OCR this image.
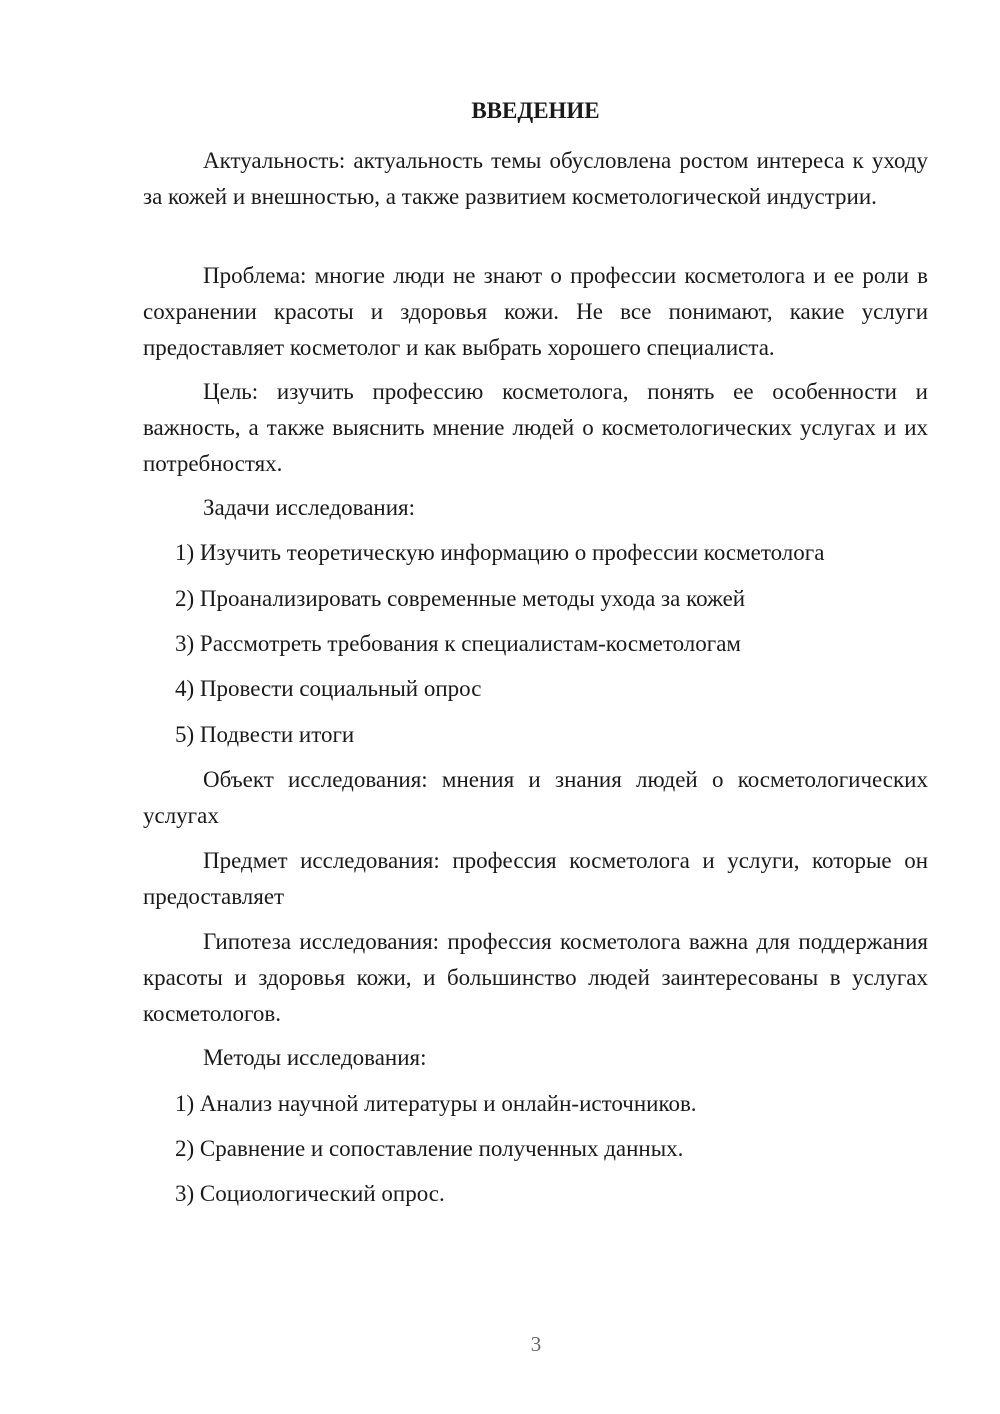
ВВЕДЕНИЕ

Актуальность: актуальность темы обусловлена ростом интереса к уходу за кожей и внешностью, а также развитием косметологической индустрии.

Проблема: многие люди не знают о профессии косметолога и ее роли в сохранении красоты и здоровья кожи. Не все понимают, какие услуги предоставляет косметолог и как выбрать хорошего специалиста.

Цель: изучить профессию косметолога, понять ее особенности и важность, а также выяснить мнение людей о косметологических услугах и их потребностях.

Задачи исследования:

1) Изучить теоретическую информацию о профессии косметолога
2) Проанализировать современные методы ухода за кожей
3) Рассмотреть требования к специалистам-косметологам
4) Провести социальный опрос
5) Подвести итоги

Объект исследования: мнения и знания людей о косметологических услугах

Предмет исследования: профессия косметолога и услуги, которые он предоставляет

Гипотеза исследования: профессия косметолога важна для поддержания красоты и здоровья кожи, и большинство людей заинтересованы в услугах косметологов.

Методы исследования:

1) Анализ научной литературы и онлайн-источников.
2) Сравнение и сопоставление полученных данных.
3) Социологический опрос.
3
